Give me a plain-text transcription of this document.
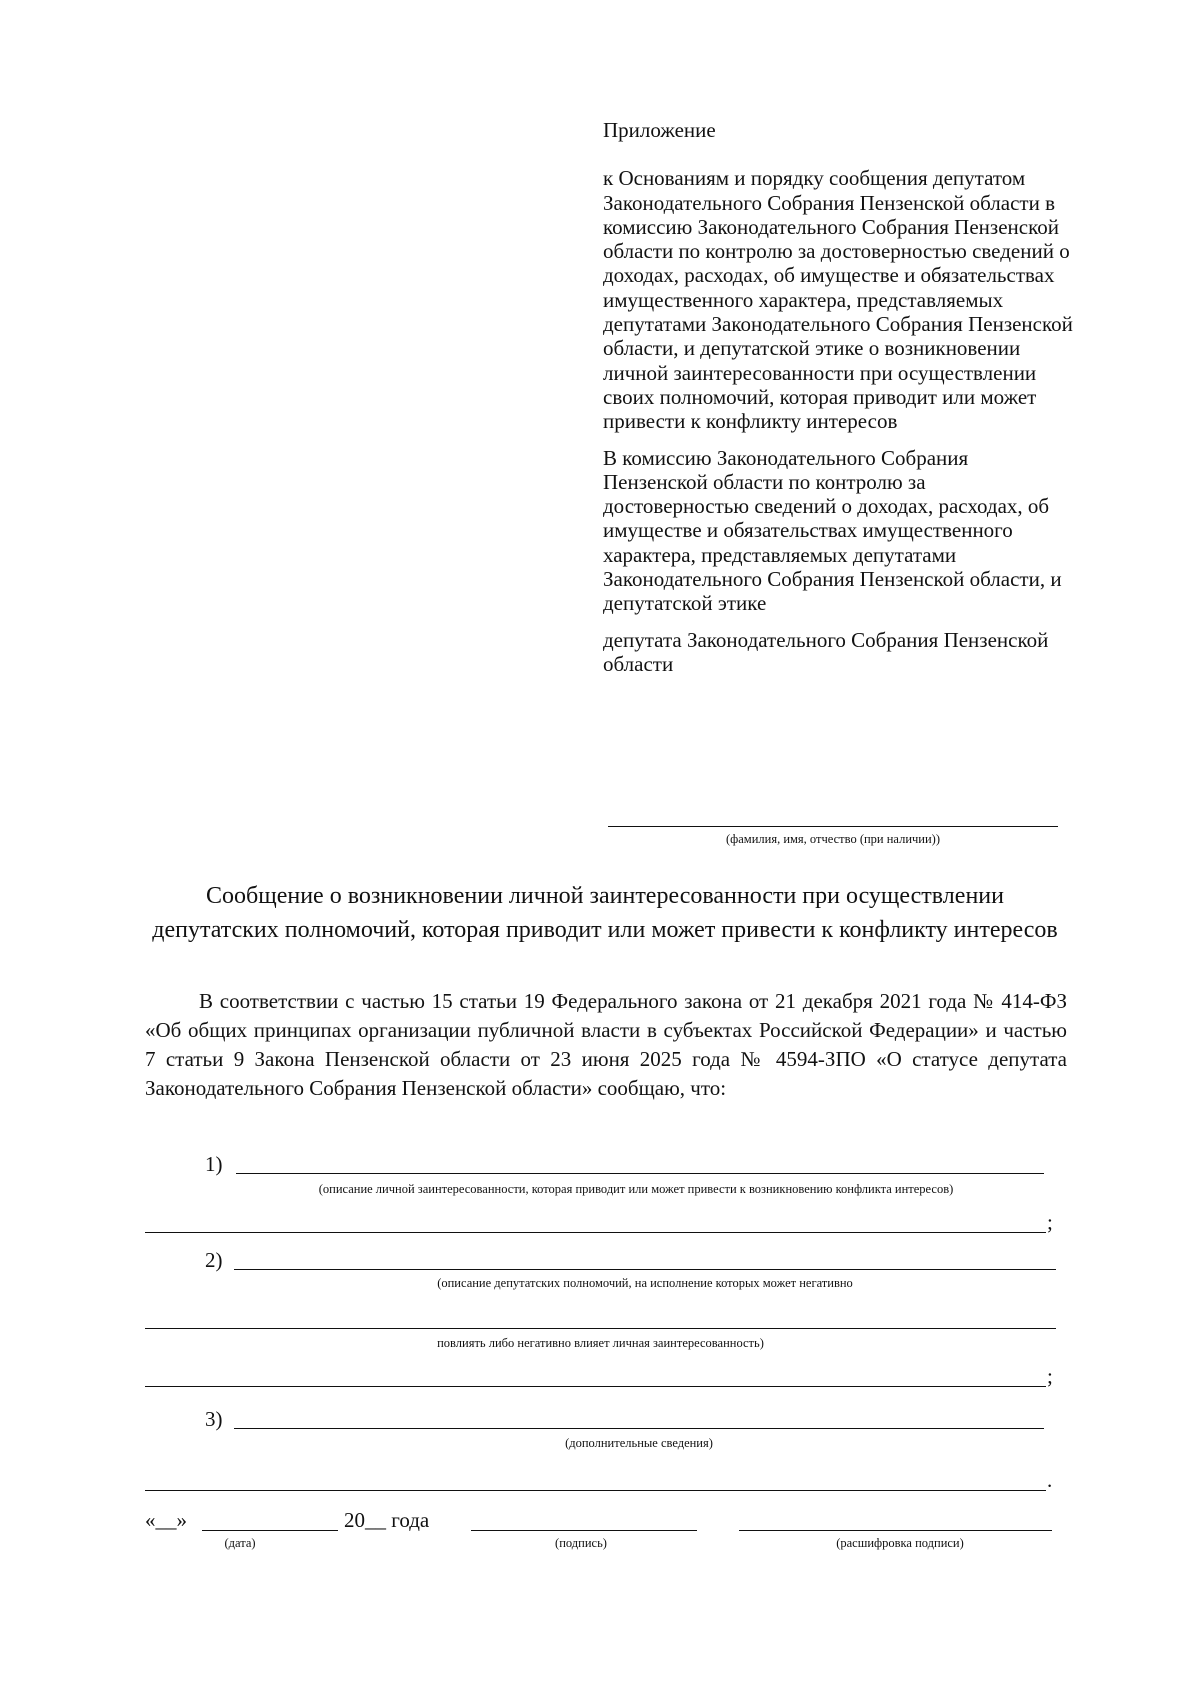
Приложение

к Основаниям и порядку сообщения депутатом Законодательного Собрания Пензенской области в комиссию Законодательного Собрания Пензенской области по контролю за достоверностью сведений о доходах, расходах, об имуществе и обязательствах имущественного характера, представляемых депутатами Законодательного Собрания Пензенской области, и депутатской этике о возникновении личной заинтересованности при осуществлении своих полномочий, которая приводит или может привести к конфликту интересов

В комиссию Законодательного Собрания Пензенской области по контролю за достоверностью сведений о доходах, расходах, об имуществе и обязательствах имущественного характера, представляемых депутатами Законодательного Собрания Пензенской области, и депутатской этике

депутата Законодательного Собрания Пензенской области

(фамилия, имя, отчество (при наличии))

Сообщение о возникновении личной заинтересованности при осуществлении депутатских полномочий, которая приводит или может привести к конфликту интересов

В соответствии с частью 15 статьи 19 Федерального закона от 21 декабря 2021 года № 414-ФЗ «Об общих принципах организации публичной власти в субъектах Российской Федерации» и частью 7 статьи 9 Закона Пензенской области от 23 июня 2025 года № 4594-ЗПО «О статусе депутата Законодательного Собрания Пензенской области» сообщаю, что:

1)
(описание личной заинтересованности, которая приводит или может привести к возникновению конфликта интересов)
;
2)
(описание депутатских полномочий, на исполнение которых может негативно
повлиять либо негативно влияет личная заинтересованность)
;
3)
(дополнительные сведения)
.
«__»	20__ года
(дата)	(подпись)	(расшифровка подписи)
